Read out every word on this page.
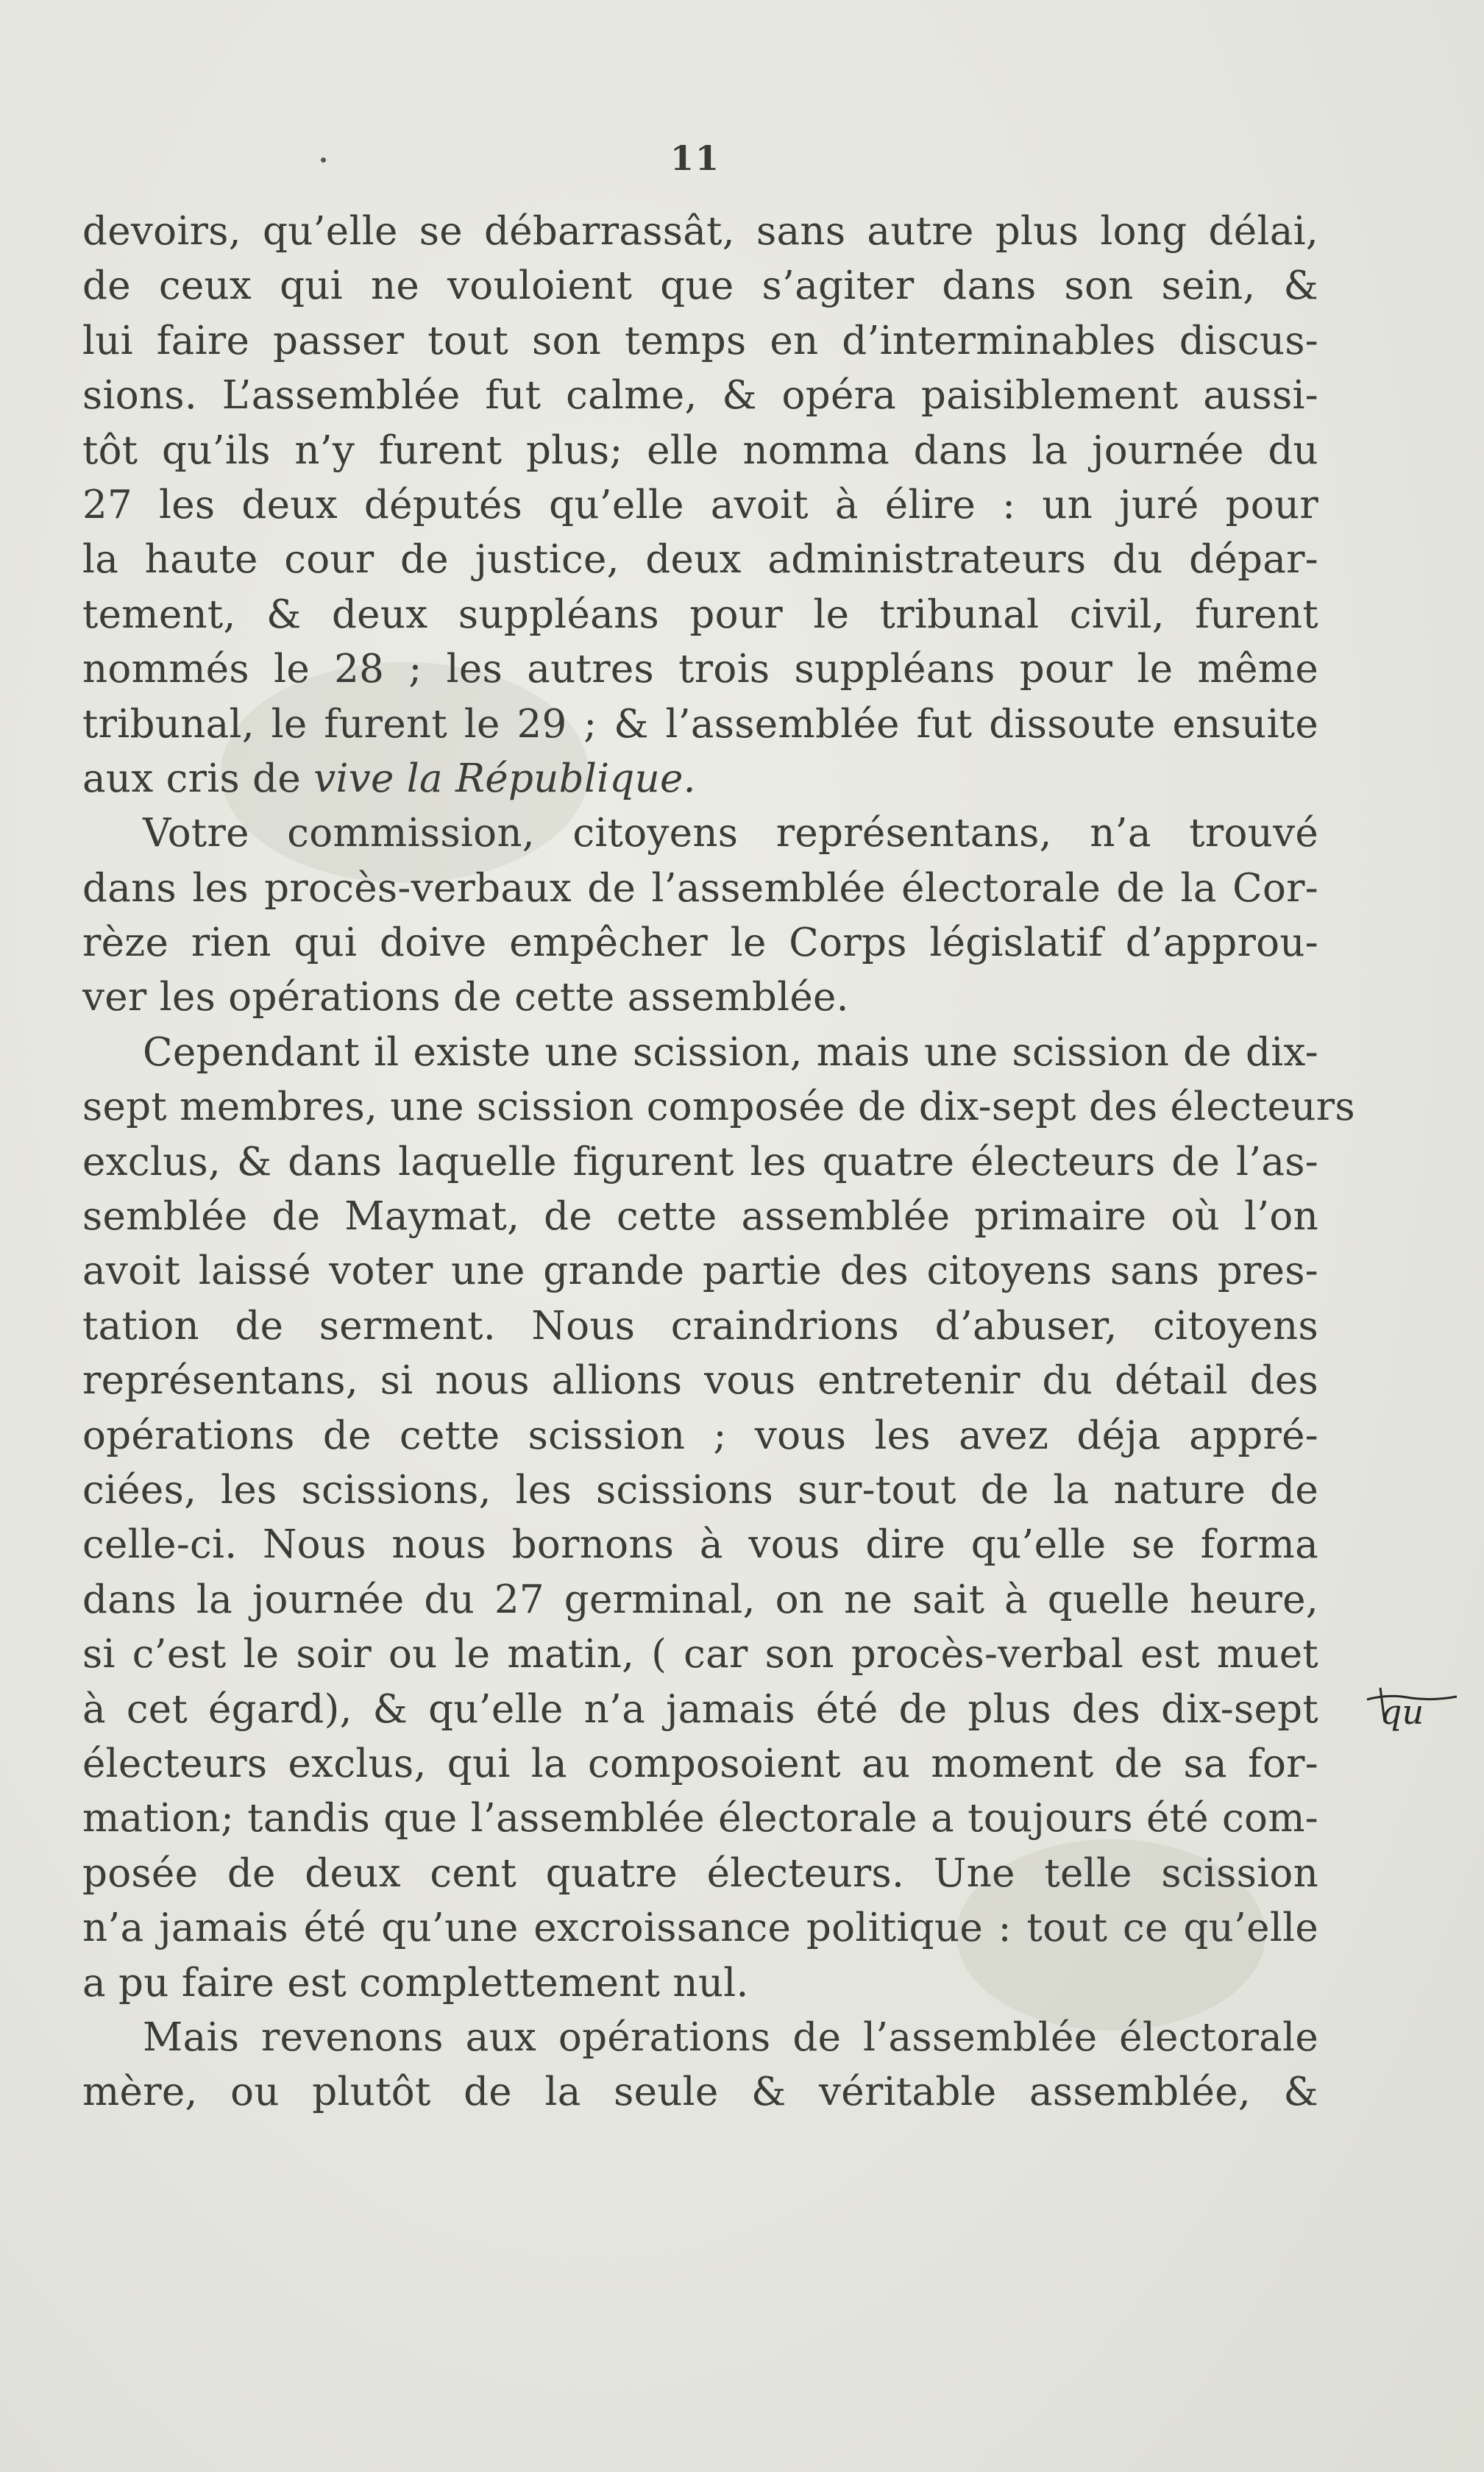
11
devoirs, qu’elle se débarrassât, sans autre plus long délai,
de ceux qui ne vouloient que s’agiter dans son sein, &
lui faire passer tout son temps en d’interminables discus-
sions. L’assemblée fut calme, & opéra paisiblement aussi-
tôt qu’ils n’y furent plus; elle nomma dans la journée du
27 les deux députés qu’elle avoit à élire : un juré pour
la haute cour de justice, deux administrateurs du dépar-
tement, & deux suppléans pour le tribunal civil, furent
nommés le 28 ; les autres trois suppléans pour le même
tribunal, le furent le 29 ; & l’assemblée fut dissoute ensuite
aux cris de vive la République.
Votre commission, citoyens représentans, n’a trouvé
dans les procès-verbaux de l’assemblée électorale de la Cor-
rèze rien qui doive empêcher le Corps législatif d’approu-
ver les opérations de cette assemblée.
Cependant il existe une scission, mais une scission de dix-
sept membres, une scission composée de dix-sept des électeurs
exclus, & dans laquelle figurent les quatre électeurs de l’as-
semblée de Maymat, de cette assemblée primaire où l’on
avoit laissé voter une grande partie des citoyens sans pres-
tation de serment. Nous craindrions d’abuser, citoyens
représentans, si nous allions vous entretenir du détail des
opérations de cette scission ; vous les avez déja appré-
ciées, les scissions, les scissions sur-tout de la nature de
celle-ci. Nous nous bornons à vous dire qu’elle se forma
dans la journée du 27 germinal, on ne sait à quelle heure,
si c’est le soir ou le matin, ( car son procès-verbal est muet
à cet égard), & qu’elle n’a jamais été de plus des dix-sept
électeurs exclus, qui la composoient au moment de sa for-
mation; tandis que l’assemblée électorale a toujours été com-
posée de deux cent quatre électeurs. Une telle scission
n’a jamais été qu’une excroissance politique : tout ce qu’elle
a pu faire est complettement nul.
Mais revenons aux opérations de l’assemblée électorale
mère, ou plutôt de la seule & véritable assemblée, &
qu
